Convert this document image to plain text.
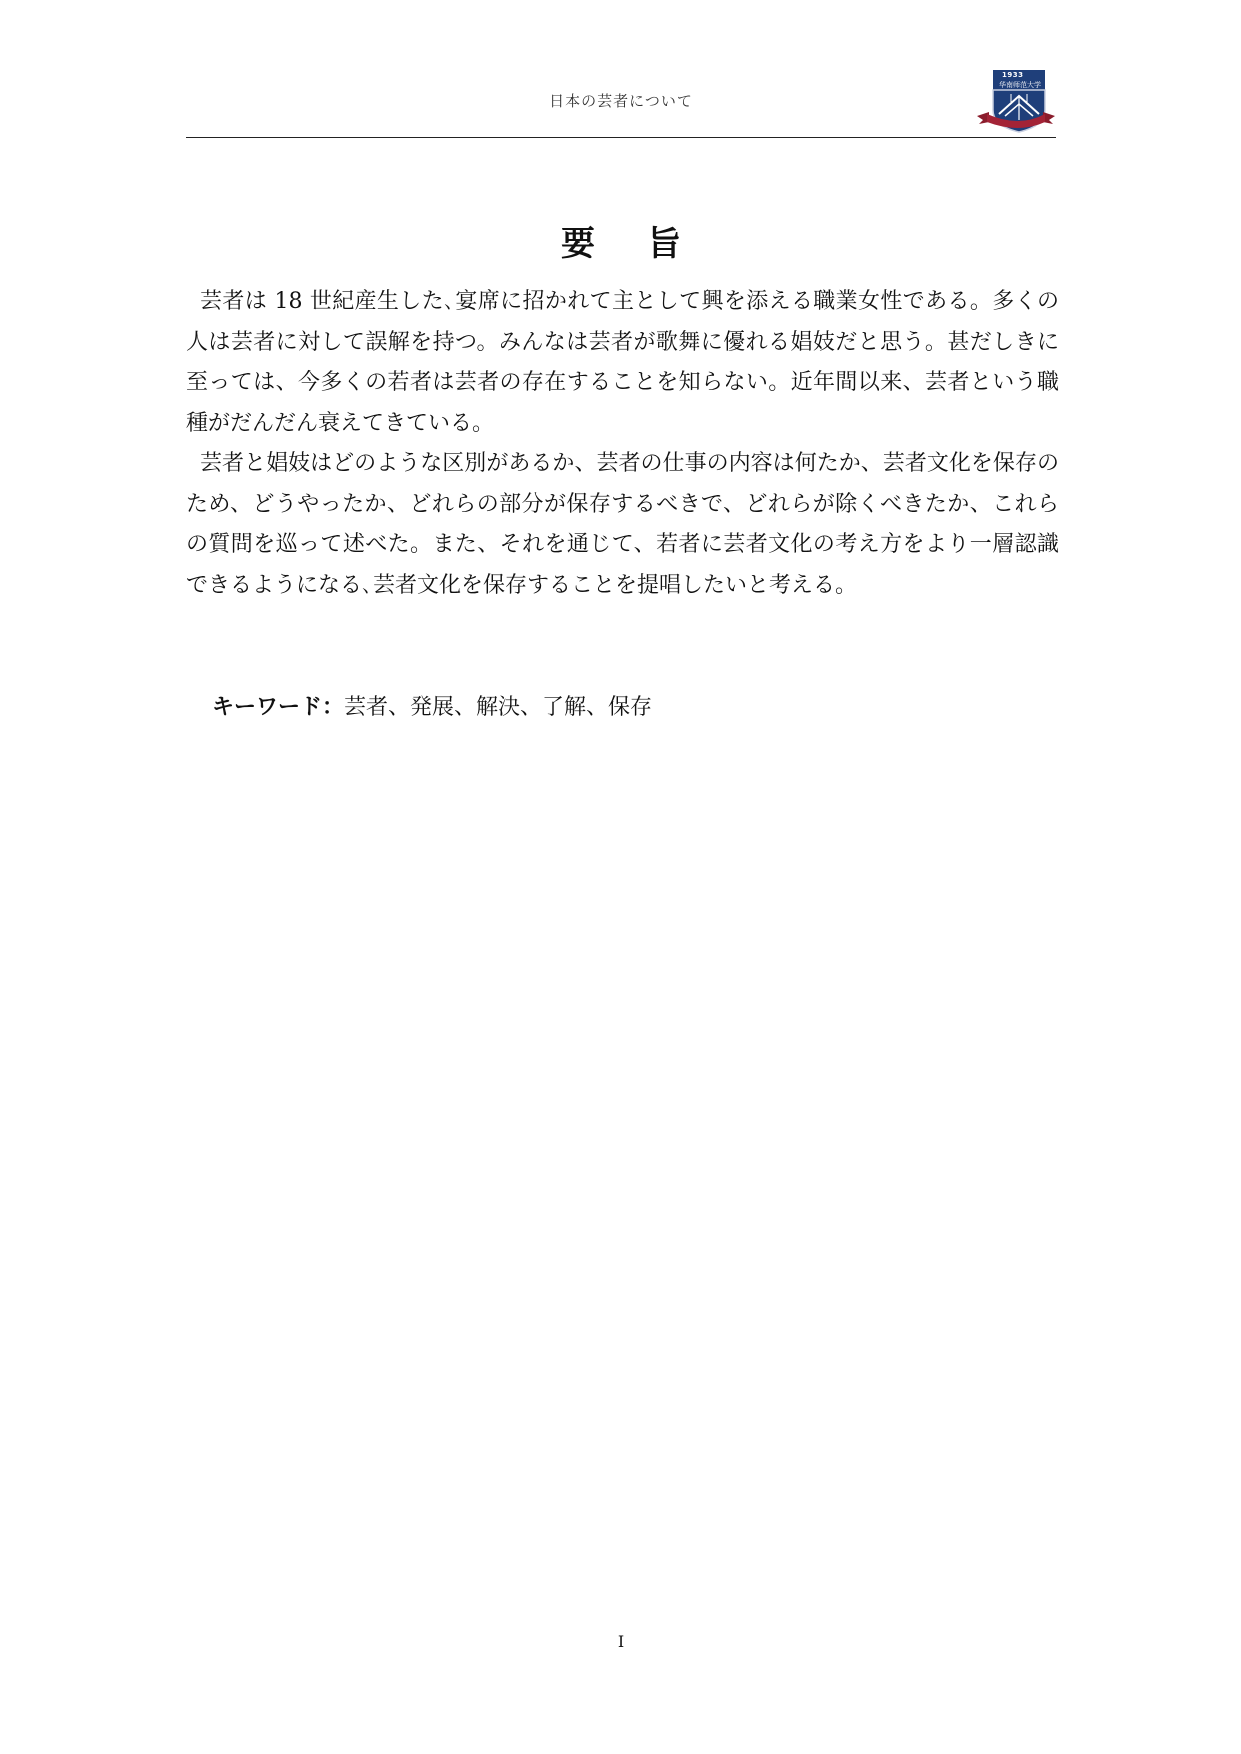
日本の芸者について
1933
华南师范大学
要旨

芸者は 18 世紀産生した､宴席に招かれて主として興を添える職業女性である。多くの人は芸者に対して誤解を持つ。みんなは芸者が歌舞に優れる娼妓だと思う。甚だしきに至っては、今多くの若者は芸者の存在することを知らない。近年間以来、芸者という職種がだんだん衰えてきている。

芸者と娼妓はどのような区別があるか、芸者の仕事の内容は何たか、芸者文化を保存のため、どうやったか、どれらの部分が保存するべきで、どれらが除くべきたか、これらの質問を巡って述べた。また、それを通じて、若者に芸者文化の考え方をより一層認識できるようになる､芸者文化を保存することを提唱したいと考える。

キーワード：芸者、発展、解決、了解、保存
I
